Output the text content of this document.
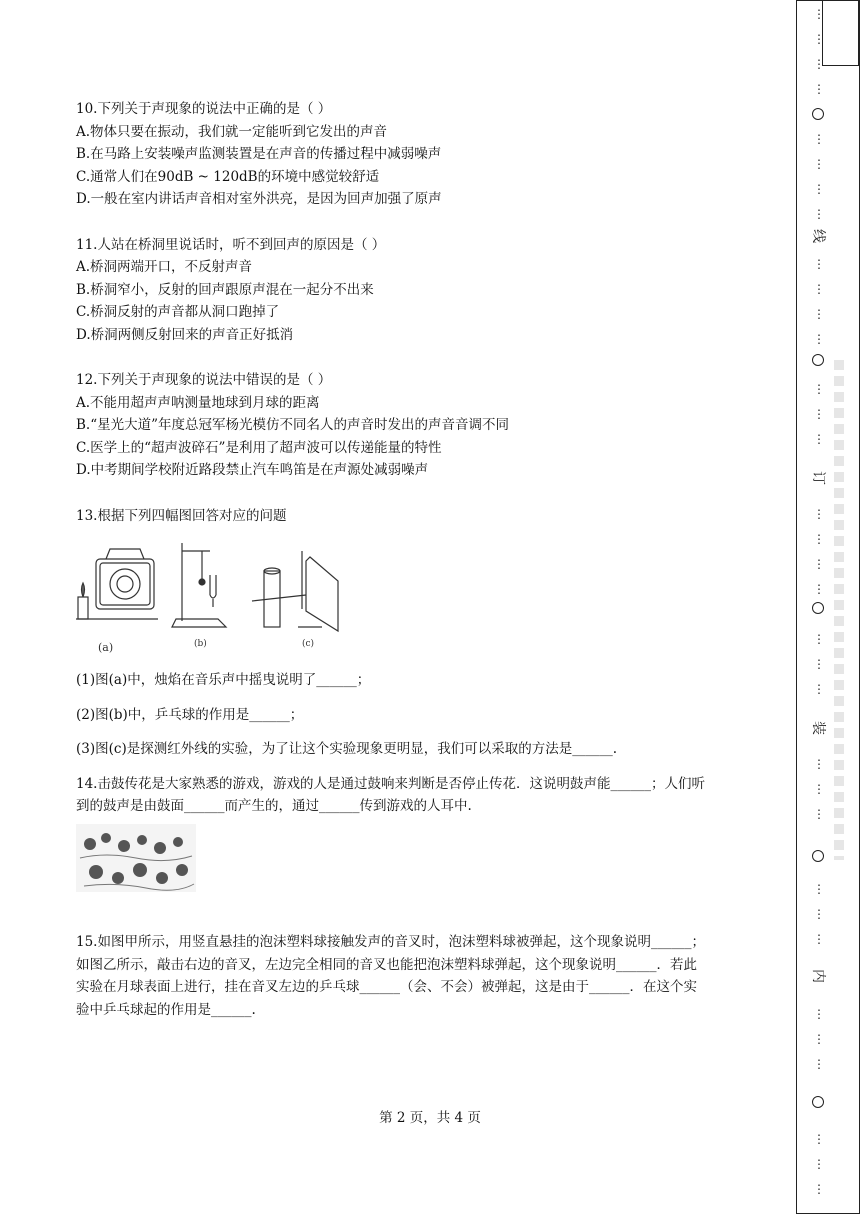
10.下列关于声现象的说法中正确的是（ ）

A.物体只要在振动，我们就一定能听到它发出的声音

B.在马路上安装噪声监测装置是在声音的传播过程中减弱噪声

C.通常人们在90dB ~ 120dB的环境中感觉较舒适

D.一般在室内讲话声音相对室外洪亮，是因为回声加强了原声

11.人站在桥洞里说话时，听不到回声的原因是（ ）

A.桥洞两端开口，不反射声音

B.桥洞窄小，反射的回声跟原声混在一起分不出来

C.桥洞反射的声音都从洞口跑掉了

D.桥洞两侧反射回来的声音正好抵消

12.下列关于声现象的说法中错误的是（ ）

A.不能用超声声呐测量地球到月球的距离

B.“星光大道”年度总冠军杨光模仿不同名人的声音时发出的声音音调不同

C.医学上的“超声波碎石”是利用了超声波可以传递能量的特性

D.中考期间学校附近路段禁止汽车鸣笛是在声源处减弱噪声

13.根据下列四幅图回答对应的问题

(a)	(b)	(c)

(1)图(a)中，烛焰在音乐声中摇曳说明了______；

(2)图(b)中，乒乓球的作用是______；

(3)图(c)是探测红外线的实验，为了让这个实验现象更明显，我们可以采取的方法是______.

14.击鼓传花是大家熟悉的游戏，游戏的人是通过鼓响来判断是否停止传花．这说明鼓声能______；人们听

到的鼓声是由鼓面______而产生的，通过______传到游戏的人耳中.

15.如图甲所示，用竖直悬挂的泡沫塑料球接触发声的音叉时，泡沫塑料球被弹起，这个现象说明______；

如图乙所示，敲击右边的音叉，左边完全相同的音叉也能把泡沫塑料球弹起，这个现象说明______．若此

实验在月球表面上进行，挂在音叉左边的乒乓球______（会、不会）被弹起，这是由于______．在这个实

验中乒乓球起的作用是______.

第 2 页，共 4 页
线
订
装
内
⋮
⋮
⋮
⋮
⋮
⋮
⋮
⋮
⋮
⋮
⋮
⋮
⋮
⋮
⋮
⋮
⋮
⋮
⋮
⋮
⋮
⋮
⋮
⋮
⋮
⋮
⋮
⋮
⋮
⋮
⋮
⋮
⋮
⋮
